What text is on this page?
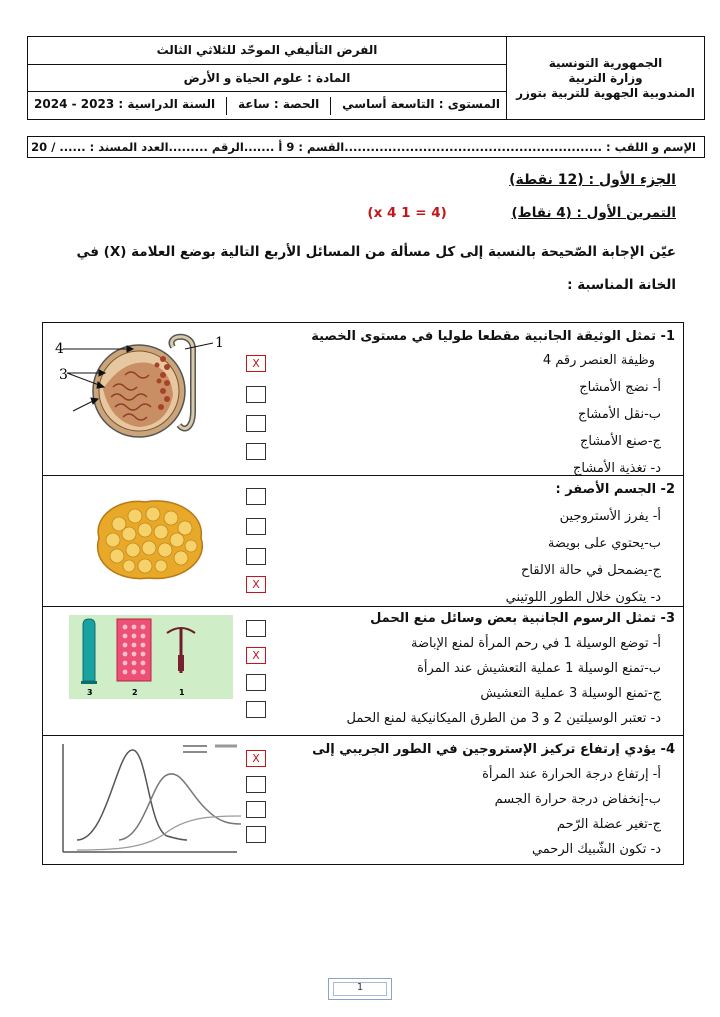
الجمهورية التونسية
وزارة التربية
المندوبية الجهوية للتربية بتوزر
	الفرض التأليفي الموحّد للثلاثي الثالث
المادة : علوم الحياة و الأرض

المستوى : التاسعة أساسي
الحصة : ساعة
السنة الدراسية : 2023 - 2024
الإسم و اللقب : ...........................................................
القسم : 9 أ .......
الرقم .........
العدد المسند : ...... / 20
الجزء الأول : (12 نقطة)
التمرين الأول : (4 نقاط) (4 = 1 x 4)
عيّن الإجابة الصّحيحة بالنسبة إلى كل مسألة من المسائل الأربع التالية بوضع العلامة (X) في الخانة المناسبة :
1- تمثل الوثيقة الجانبية مقطعا طوليا في مستوى الخصية
وظيفة العنصر رقم 4
أ- نضج الأمشاج
ب-نقل الأمشاج
ج-صنع الأمشاج
د- تغذية الأمشاج
X
4
3
1

2- الجسم الأصفر :
أ- يفرز الأستروجين
ب-يحتوي على بويضة
ج-يضمحل في حالة الالقاح
د- يتكون خلال الطور اللوتيني
X

3- تمثل الرسوم الجانبية بعض وسائل منع الحمل
أ- توضع الوسيلة 1 في رحم المرأة لمنع الإباضة
ب-تمنع الوسيلة 1 عملية التعشيش عند المرأة
ج-تمنع الوسيلة 3 عملية التعشيش
د- تعتبر الوسيلتين 2 و 3 من الطرق الميكانيكية لمنع الحمل
X
3	2	1

4- يؤدي إرتفاع تركيز الإستروجين في الطور الجريبي إلى
أ- إرتفاع درجة الحرارة عند المرأة
ب-إنخفاض درجة حرارة الجسم
ج-تغير عضلة الرّحم
د- تكون الشّبيك الرحمي
X
1
